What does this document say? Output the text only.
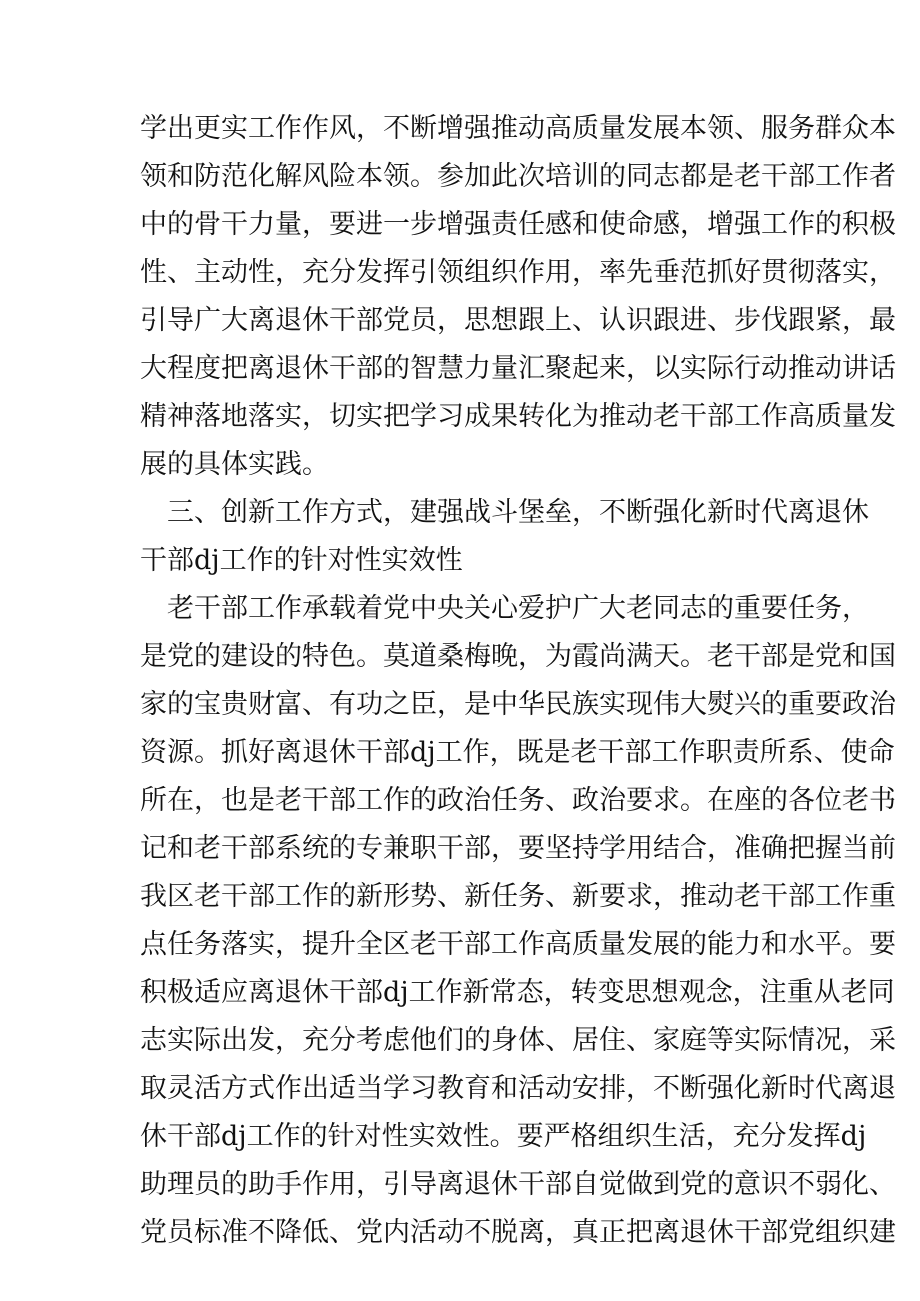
学出更实工作作风，不断增强推动高质量发展本领、服务群众本
领和防范化解风险本领。参加此次培训的同志都是老干部工作者
中的骨干力量，要进一步增强责任感和使命感，增强工作的积极
性、主动性，充分发挥引领组织作用，率先垂范抓好贯彻落实，
引导广大离退休干部党员，思想跟上、认识跟进、步伐跟紧，最
大程度把离退休干部的智慧力量汇聚起来，以实际行动推动讲话
精神落地落实，切实把学习成果转化为推动老干部工作高质量发
展的具体实践。
三、创新工作方式，建强战斗堡垒，不断强化新时代离退休
干部dj工作的针对性实效性
老干部工作承载着党中央关心爱护广大老同志的重要任务，
是党的建设的特色。莫道桑梅晚，为霞尚满天。老干部是党和国
家的宝贵财富、有功之臣，是中华民族实现伟大熨兴的重要政治
资源。抓好离退休干部dj工作，既是老干部工作职责所系、使命
所在，也是老干部工作的政治任务、政治要求。在座的各位老书
记和老干部系统的专兼职干部，要坚持学用结合，准确把握当前
我区老干部工作的新形势、新任务、新要求，推动老干部工作重
点任务落实，提升全区老干部工作高质量发展的能力和水平。要
积极适应离退休干部dj工作新常态，转变思想观念，注重从老同
志实际出发，充分考虑他们的身体、居住、家庭等实际情况，采
取灵活方式作出适当学习教育和活动安排，不断强化新时代离退
休干部dj工作的针对性实效性。要严格组织生活，充分发挥dj
助理员的助手作用，引导离退休干部自觉做到党的意识不弱化、
党员标准不降低、党内活动不脱离，真正把离退休干部党组织建
